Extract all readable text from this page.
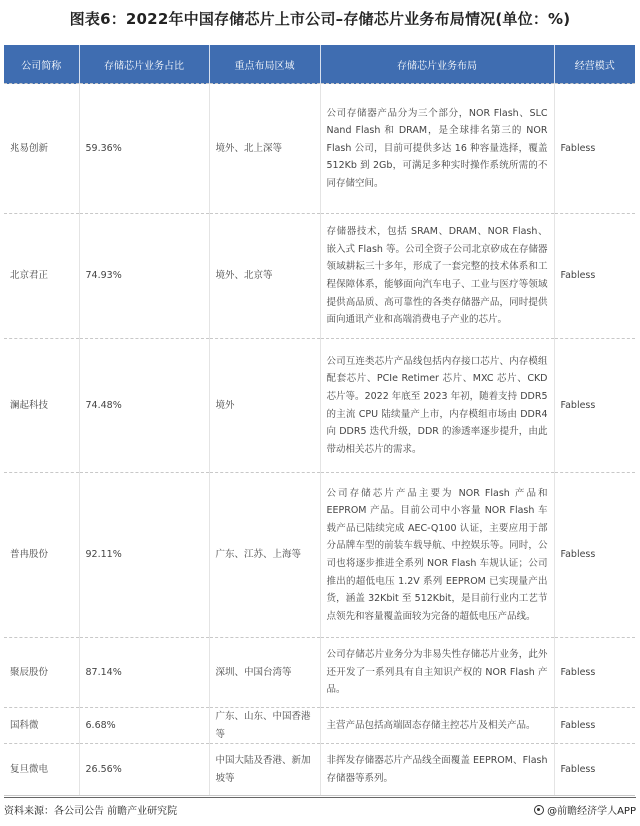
图表6：2022年中国存储芯片上市公司–存储芯片业务布局情况(单位：%)
公司简称	存储芯片业务占比	重点布局区域	存储芯片业务布局	经营模式
兆易创新	59.36%	境外、北上深等	公司存储器产品分为三个部分，NOR Flash、SLC Nand Flash 和 DRAM，是全球排名第三的 NOR Flash 公司，目前可提供多达 16 种容量选择，覆盖 512Kb 到 2Gb，可满足多种实时操作系统所需的不同存储空间。	Fabless
北京君正	74.93%	境外、北京等	存储器技术，包括 SRAM、DRAM、NOR Flash、嵌入式 Flash 等。公司全资子公司北京矽成在存储器领域耕耘三十多年，形成了一套完整的技术体系和工程保障体系，能够面向汽车电子、工业与医疗等领域提供高品质、高可靠性的各类存储器产品，同时提供面向通讯产业和高端消费电子产业的芯片。	Fabless
澜起科技	74.48%	境外	公司互连类芯片产品线包括内存接口芯片、内存模组配套芯片、PCIe Retimer 芯片、MXC 芯片、CKD 芯片等。2022 年底至 2023 年初，随着支持 DDR5 的主流 CPU 陆续量产上市，内存模组市场由 DDR4 向 DDR5 迭代升级，DDR 的渗透率逐步提升，由此带动相关芯片的需求。	Fabless
普冉股份	92.11%	广东、江苏、上海等	公司存储芯片产品主要为 NOR Flash 产品和 EEPROM 产品。目前公司中小容量 NOR Flash 车载产品已陆续完成 AEC-Q100 认证，主要应用于部分品牌车型的前装车载导航、中控娱乐等。同时，公司也将逐步推进全系列 NOR Flash 车规认证；公司推出的超低电压 1.2V 系列 EEPROM 已实现量产出货，涵盖 32Kbit 至 512Kbit，是目前行业内工艺节点领先和容量覆盖面较为完备的超低电压产品线。	Fabless
聚辰股份	87.14%	深圳、中国台湾等	公司存储芯片业务分为非易失性存储芯片业务，此外还开发了一系列具有自主知识产权的 NOR Flash 产品。	Fabless
国科微	6.68%	广东、山东、中国香港等	主营产品包括高端固态存储主控芯片及相关产品。	Fabless
复旦微电	26.56%	中国大陆及香港、新加坡等	非挥发存储器芯片产品线全面覆盖 EEPROM、Flash 存储器等系列。	Fabless
资料来源：各公司公告 前瞻产业研究院	@前瞻经济学人APP
